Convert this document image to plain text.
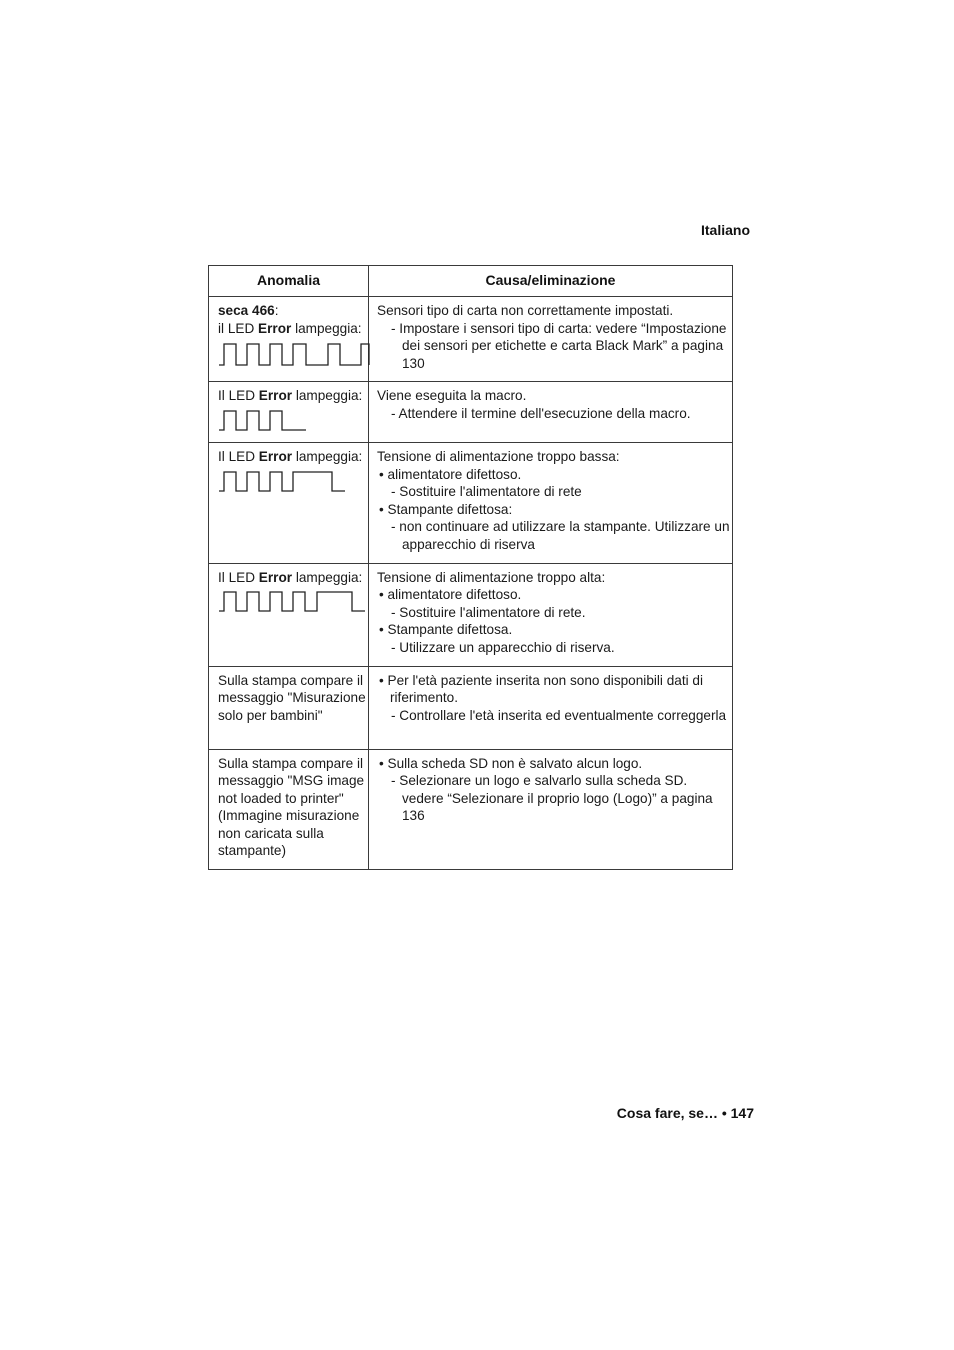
Italiano
Anomalia	Causa/eliminazione

seca 466:
il LED Error lampeggia:	Sensori tipo di carta non correttamente impostati.
- Impostare i sensori tipo di carta: vedere “Impostazione dei sensori per etichette e carta Black Mark” a pagina 130

Il LED Error lampeggia:	Viene eseguita la macro.
- Attendere il termine dell'esecuzione della macro.

Il LED Error lampeggia:	Tensione di alimentazione troppo bassa:
• alimentatore difettoso.
- Sostituire l'alimentatore di rete
• Stampante difettosa:
- non continuare ad utilizzare la stampante. Utilizzare un apparecchio di riserva

Il LED Error lampeggia:	Tensione di alimentazione troppo alta:
• alimentatore difettoso.
- Sostituire l'alimentatore di rete.
• Stampante difettosa.
- Utilizzare un apparecchio di riserva.

Sulla stampa compare il messaggio "Misurazione solo per bambini"	• Per l'età paziente inserita non sono disponibili dati di riferimento.
- Controllare l'età inserita ed eventualmente correggerla

Sulla stampa compare il messaggio "MSG image not loaded to printer" (Immagine misurazione non caricata sulla stampante)	• Sulla scheda SD non è salvato alcun logo.
- Selezionare un logo e salvarlo sulla scheda SD. vedere “Selezionare il proprio logo (Logo)” a pagina 136
Cosa fare, se… • 147
